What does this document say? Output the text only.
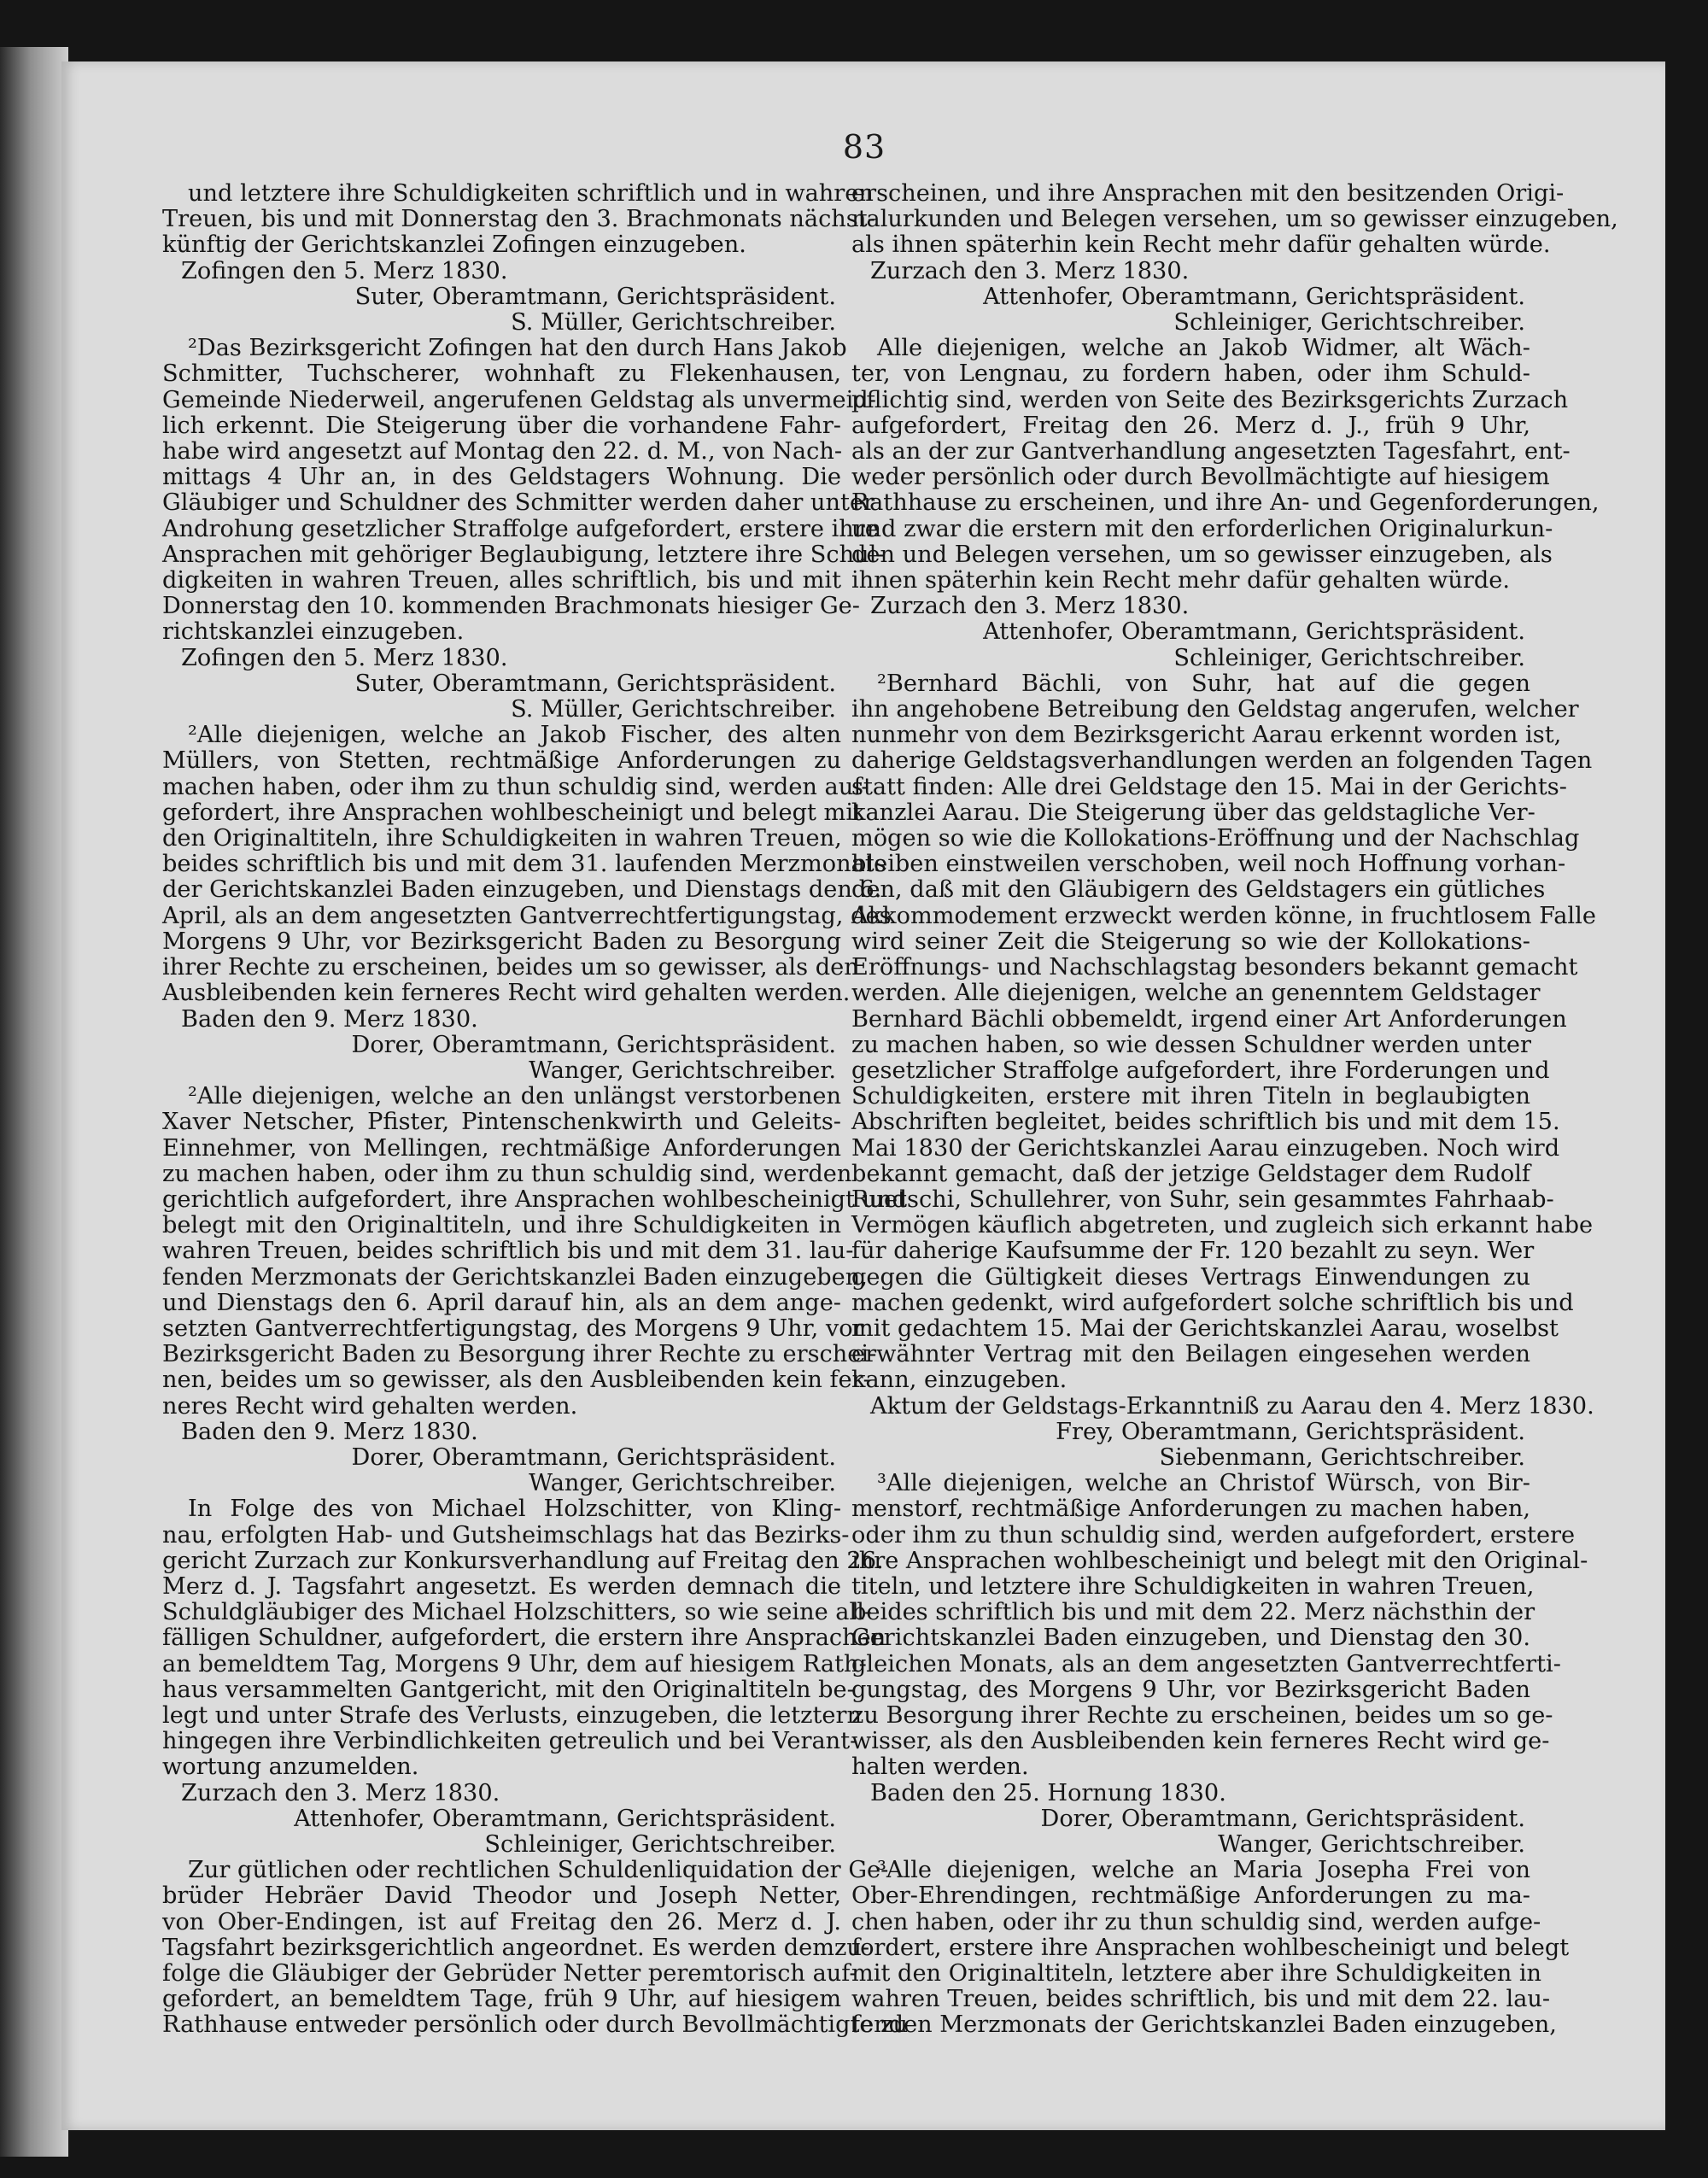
83
und letztere ihre Schuldigkeiten schriftlich und in wahren
Treuen, bis und mit Donnerstag den 3. Brachmonats nächst-
künftig der Gerichtskanzlei Zofingen einzugeben.
Zofingen den 5. Merz 1830.
Suter, Oberamtmann, Gerichtspräsident.
S. Müller, Gerichtschreiber.
²Das Bezirksgericht Zofingen hat den durch Hans Jakob
Schmitter, Tuchscherer, wohnhaft zu Flekenhausen,
Gemeinde Niederweil, angerufenen Geldstag als unvermeid-
lich erkennt. Die Steigerung über die vorhandene Fahr-
habe wird angesetzt auf Montag den 22. d. M., von Nach-
mittags 4 Uhr an, in des Geldstagers Wohnung. Die
Gläubiger und Schuldner des Schmitter werden daher unter
Androhung gesetzlicher Straffolge aufgefordert, erstere ihre
Ansprachen mit gehöriger Beglaubigung, letztere ihre Schul-
digkeiten in wahren Treuen, alles schriftlich, bis und mit
Donnerstag den 10. kommenden Brachmonats hiesiger Ge-
richtskanzlei einzugeben.
Zofingen den 5. Merz 1830.
Suter, Oberamtmann, Gerichtspräsident.
S. Müller, Gerichtschreiber.
²Alle diejenigen, welche an Jakob Fischer, des alten
Müllers, von Stetten, rechtmäßige Anforderungen zu
machen haben, oder ihm zu thun schuldig sind, werden auf-
gefordert, ihre Ansprachen wohlbescheinigt und belegt mit
den Originaltiteln, ihre Schuldigkeiten in wahren Treuen,
beides schriftlich bis und mit dem 31. laufenden Merzmonats
der Gerichtskanzlei Baden einzugeben, und Dienstags den 6.
April, als an dem angesetzten Gantverrechtfertigungstag, des
Morgens 9 Uhr, vor Bezirksgericht Baden zu Besorgung
ihrer Rechte zu erscheinen, beides um so gewisser, als den
Ausbleibenden kein ferneres Recht wird gehalten werden.
Baden den 9. Merz 1830.
Dorer, Oberamtmann, Gerichtspräsident.
Wanger, Gerichtschreiber.
²Alle diejenigen, welche an den unlängst verstorbenen
Xaver Netscher, Pfister, Pintenschenkwirth und Geleits-
Einnehmer, von Mellingen, rechtmäßige Anforderungen
zu machen haben, oder ihm zu thun schuldig sind, werden
gerichtlich aufgefordert, ihre Ansprachen wohlbescheinigt und
belegt mit den Originaltiteln, und ihre Schuldigkeiten in
wahren Treuen, beides schriftlich bis und mit dem 31. lau-
fenden Merzmonats der Gerichtskanzlei Baden einzugeben,
und Dienstags den 6. April darauf hin, als an dem ange-
setzten Gantverrechtfertigungstag, des Morgens 9 Uhr, vor
Bezirksgericht Baden zu Besorgung ihrer Rechte zu erschei-
nen, beides um so gewisser, als den Ausbleibenden kein fer-
neres Recht wird gehalten werden.
Baden den 9. Merz 1830.
Dorer, Oberamtmann, Gerichtspräsident.
Wanger, Gerichtschreiber.
In Folge des von Michael Holzschitter, von Kling-
nau, erfolgten Hab- und Gutsheimschlags hat das Bezirks-
gericht Zurzach zur Konkursverhandlung auf Freitag den 26.
Merz d. J. Tagsfahrt angesetzt. Es werden demnach die
Schuldgläubiger des Michael Holzschitters, so wie seine all-
fälligen Schuldner, aufgefordert, die erstern ihre Ansprachen
an bemeldtem Tag, Morgens 9 Uhr, dem auf hiesigem Rath-
haus versammelten Gantgericht, mit den Originaltiteln be-
legt und unter Strafe des Verlusts, einzugeben, die letztern
hingegen ihre Verbindlichkeiten getreulich und bei Verant-
wortung anzumelden.
Zurzach den 3. Merz 1830.
Attenhofer, Oberamtmann, Gerichtspräsident.
Schleiniger, Gerichtschreiber.
Zur gütlichen oder rechtlichen Schuldenliquidation der Ge-
brüder Hebräer David Theodor und Joseph Netter,
von Ober-Endingen, ist auf Freitag den 26. Merz d. J.
Tagsfahrt bezirksgerichtlich angeordnet. Es werden demzu-
folge die Gläubiger der Gebrüder Netter peremtorisch auf-
gefordert, an bemeldtem Tage, früh 9 Uhr, auf hiesigem
Rathhause entweder persönlich oder durch Bevollmächtigte zu
erscheinen, und ihre Ansprachen mit den besitzenden Origi-
nalurkunden und Belegen versehen, um so gewisser einzugeben,
als ihnen späterhin kein Recht mehr dafür gehalten würde.
Zurzach den 3. Merz 1830.
Attenhofer, Oberamtmann, Gerichtspräsident.
Schleiniger, Gerichtschreiber.
Alle diejenigen, welche an Jakob Widmer, alt Wäch-
ter, von Lengnau, zu fordern haben, oder ihm Schuld-
pflichtig sind, werden von Seite des Bezirksgerichts Zurzach
aufgefordert, Freitag den 26. Merz d. J., früh 9 Uhr,
als an der zur Gantverhandlung angesetzten Tagesfahrt, ent-
weder persönlich oder durch Bevollmächtigte auf hiesigem
Rathhause zu erscheinen, und ihre An- und Gegenforderungen,
und zwar die erstern mit den erforderlichen Originalurkun-
den und Belegen versehen, um so gewisser einzugeben, als
ihnen späterhin kein Recht mehr dafür gehalten würde.
Zurzach den 3. Merz 1830.
Attenhofer, Oberamtmann, Gerichtspräsident.
Schleiniger, Gerichtschreiber.
²Bernhard Bächli, von Suhr, hat auf die gegen
ihn angehobene Betreibung den Geldstag angerufen, welcher
nunmehr von dem Bezirksgericht Aarau erkennt worden ist,
daherige Geldstagsverhandlungen werden an folgenden Tagen
statt finden: Alle drei Geldstage den 15. Mai in der Gerichts-
kanzlei Aarau. Die Steigerung über das geldstagliche Ver-
mögen so wie die Kollokations-Eröffnung und der Nachschlag
bleiben einstweilen verschoben, weil noch Hoffnung vorhan-
den, daß mit den Gläubigern des Geldstagers ein gütliches
Akkommodement erzweckt werden könne, in fruchtlosem Falle
wird seiner Zeit die Steigerung so wie der Kollokations-
Eröffnungs- und Nachschlagstag besonders bekannt gemacht
werden. Alle diejenigen, welche an genenntem Geldstager
Bernhard Bächli obbemeldt, irgend einer Art Anforderungen
zu machen haben, so wie dessen Schuldner werden unter
gesetzlicher Straffolge aufgefordert, ihre Forderungen und
Schuldigkeiten, erstere mit ihren Titeln in beglaubigten
Abschriften begleitet, beides schriftlich bis und mit dem 15.
Mai 1830 der Gerichtskanzlei Aarau einzugeben. Noch wird
bekannt gemacht, daß der jetzige Geldstager dem Rudolf
Ruetschi, Schullehrer, von Suhr, sein gesammtes Fahrhaab-
Vermögen käuflich abgetreten, und zugleich sich erkannt habe
für daherige Kaufsumme der Fr. 120 bezahlt zu seyn. Wer
gegen die Gültigkeit dieses Vertrags Einwendungen zu
machen gedenkt, wird aufgefordert solche schriftlich bis und
mit gedachtem 15. Mai der Gerichtskanzlei Aarau, woselbst
erwähnter Vertrag mit den Beilagen eingesehen werden
kann, einzugeben.
Aktum der Geldstags-Erkanntniß zu Aarau den 4. Merz 1830.
Frey, Oberamtmann, Gerichtspräsident.
Siebenmann, Gerichtschreiber.
³Alle diejenigen, welche an Christof Würsch, von Bir-
menstorf, rechtmäßige Anforderungen zu machen haben,
oder ihm zu thun schuldig sind, werden aufgefordert, erstere
ihre Ansprachen wohlbescheinigt und belegt mit den Original-
titeln, und letztere ihre Schuldigkeiten in wahren Treuen,
beides schriftlich bis und mit dem 22. Merz nächsthin der
Gerichtskanzlei Baden einzugeben, und Dienstag den 30.
gleichen Monats, als an dem angesetzten Gantverrechtferti-
gungstag, des Morgens 9 Uhr, vor Bezirksgericht Baden
zu Besorgung ihrer Rechte zu erscheinen, beides um so ge-
wisser, als den Ausbleibenden kein ferneres Recht wird ge-
halten werden.
Baden den 25. Hornung 1830.
Dorer, Oberamtmann, Gerichtspräsident.
Wanger, Gerichtschreiber.
³Alle diejenigen, welche an Maria Josepha Frei von
Ober-Ehrendingen, rechtmäßige Anforderungen zu ma-
chen haben, oder ihr zu thun schuldig sind, werden aufge-
fordert, erstere ihre Ansprachen wohlbescheinigt und belegt
mit den Originaltiteln, letztere aber ihre Schuldigkeiten in
wahren Treuen, beides schriftlich, bis und mit dem 22. lau-
fenden Merzmonats der Gerichtskanzlei Baden einzugeben,
